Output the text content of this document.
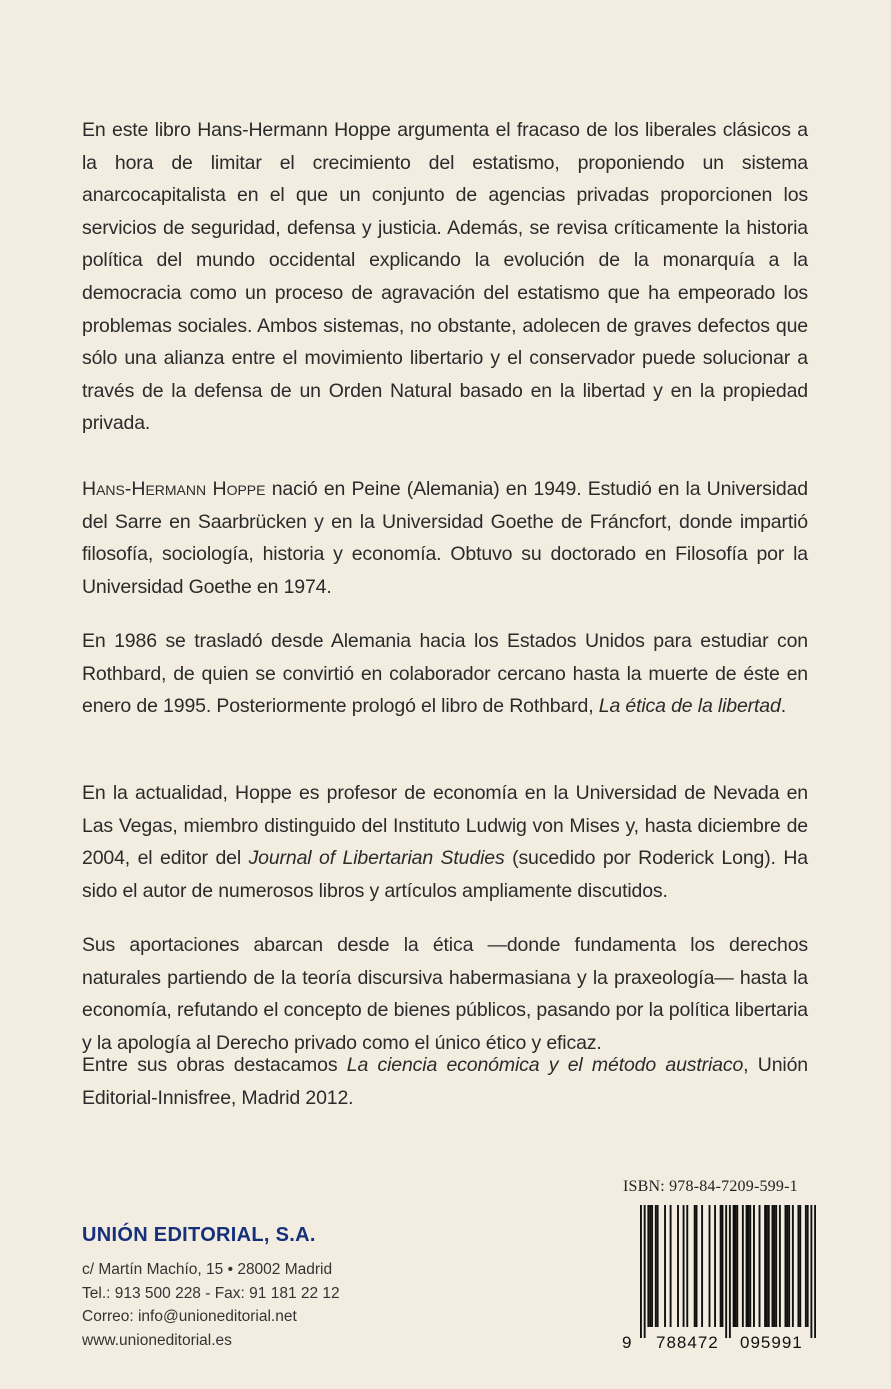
En este libro Hans-Hermann Hoppe argumenta el fracaso de los liberales clásicos a la hora de limitar el crecimiento del estatismo, proponiendo un sistema anarcocapitalista en el que un conjunto de agencias privadas proporcionen los servicios de seguridad, defensa y justicia. Además, se revisa críticamente la historia política del mundo occidental explicando la evolución de la monarquía a la democracia como un proceso de agravación del estatismo que ha empeorado los problemas sociales. Ambos sistemas, no obstante, adolecen de graves defectos que sólo una alianza entre el movimiento libertario y el conservador puede solucionar a través de la defensa de un Orden Natural basado en la libertad y en la propiedad privada.

Hans-Hermann Hoppe nació en Peine (Alemania) en 1949. Estudió en la Universidad del Sarre en Saarbrücken y en la Universidad Goethe de Fráncfort, donde impartió filosofía, sociología, historia y economía. Obtuvo su doctorado en Filosofía por la Universidad Goethe en 1974.

En 1986 se trasladó desde Alemania hacia los Estados Unidos para estudiar con Rothbard, de quien se convirtió en colaborador cercano hasta la muerte de éste en enero de 1995. Posteriormente prologó el libro de Rothbard, La ética de la libertad.

En la actualidad, Hoppe es profesor de economía en la Universidad de Nevada en Las Vegas, miembro distinguido del Instituto Ludwig von Mises y, hasta diciembre de 2004, el editor del Journal of Libertarian Studies (sucedido por Roderick Long). Ha sido el autor de numerosos libros y artículos ampliamente discutidos.

Sus aportaciones abarcan desde la ética —donde fundamenta los derechos naturales partiendo de la teoría discursiva habermasiana y la praxeología— hasta la economía, refutando el concepto de bienes públicos, pasando por la política libertaria y la apología al Derecho privado como el único ético y eficaz.

Entre sus obras destacamos La ciencia económica y el método austriaco, Unión Editorial-Innisfree, Madrid 2012.

UNIÓN EDITORIAL, S.A.
c/ Martín Machío, 15 • 28002 Madrid
Tel.: 913 500 228 - Fax: 91 181 22 12
Correo: info@unioneditorial.net
www.unioneditorial.es
ISBN: 978-84-7209-599-1
9 788472 095991
